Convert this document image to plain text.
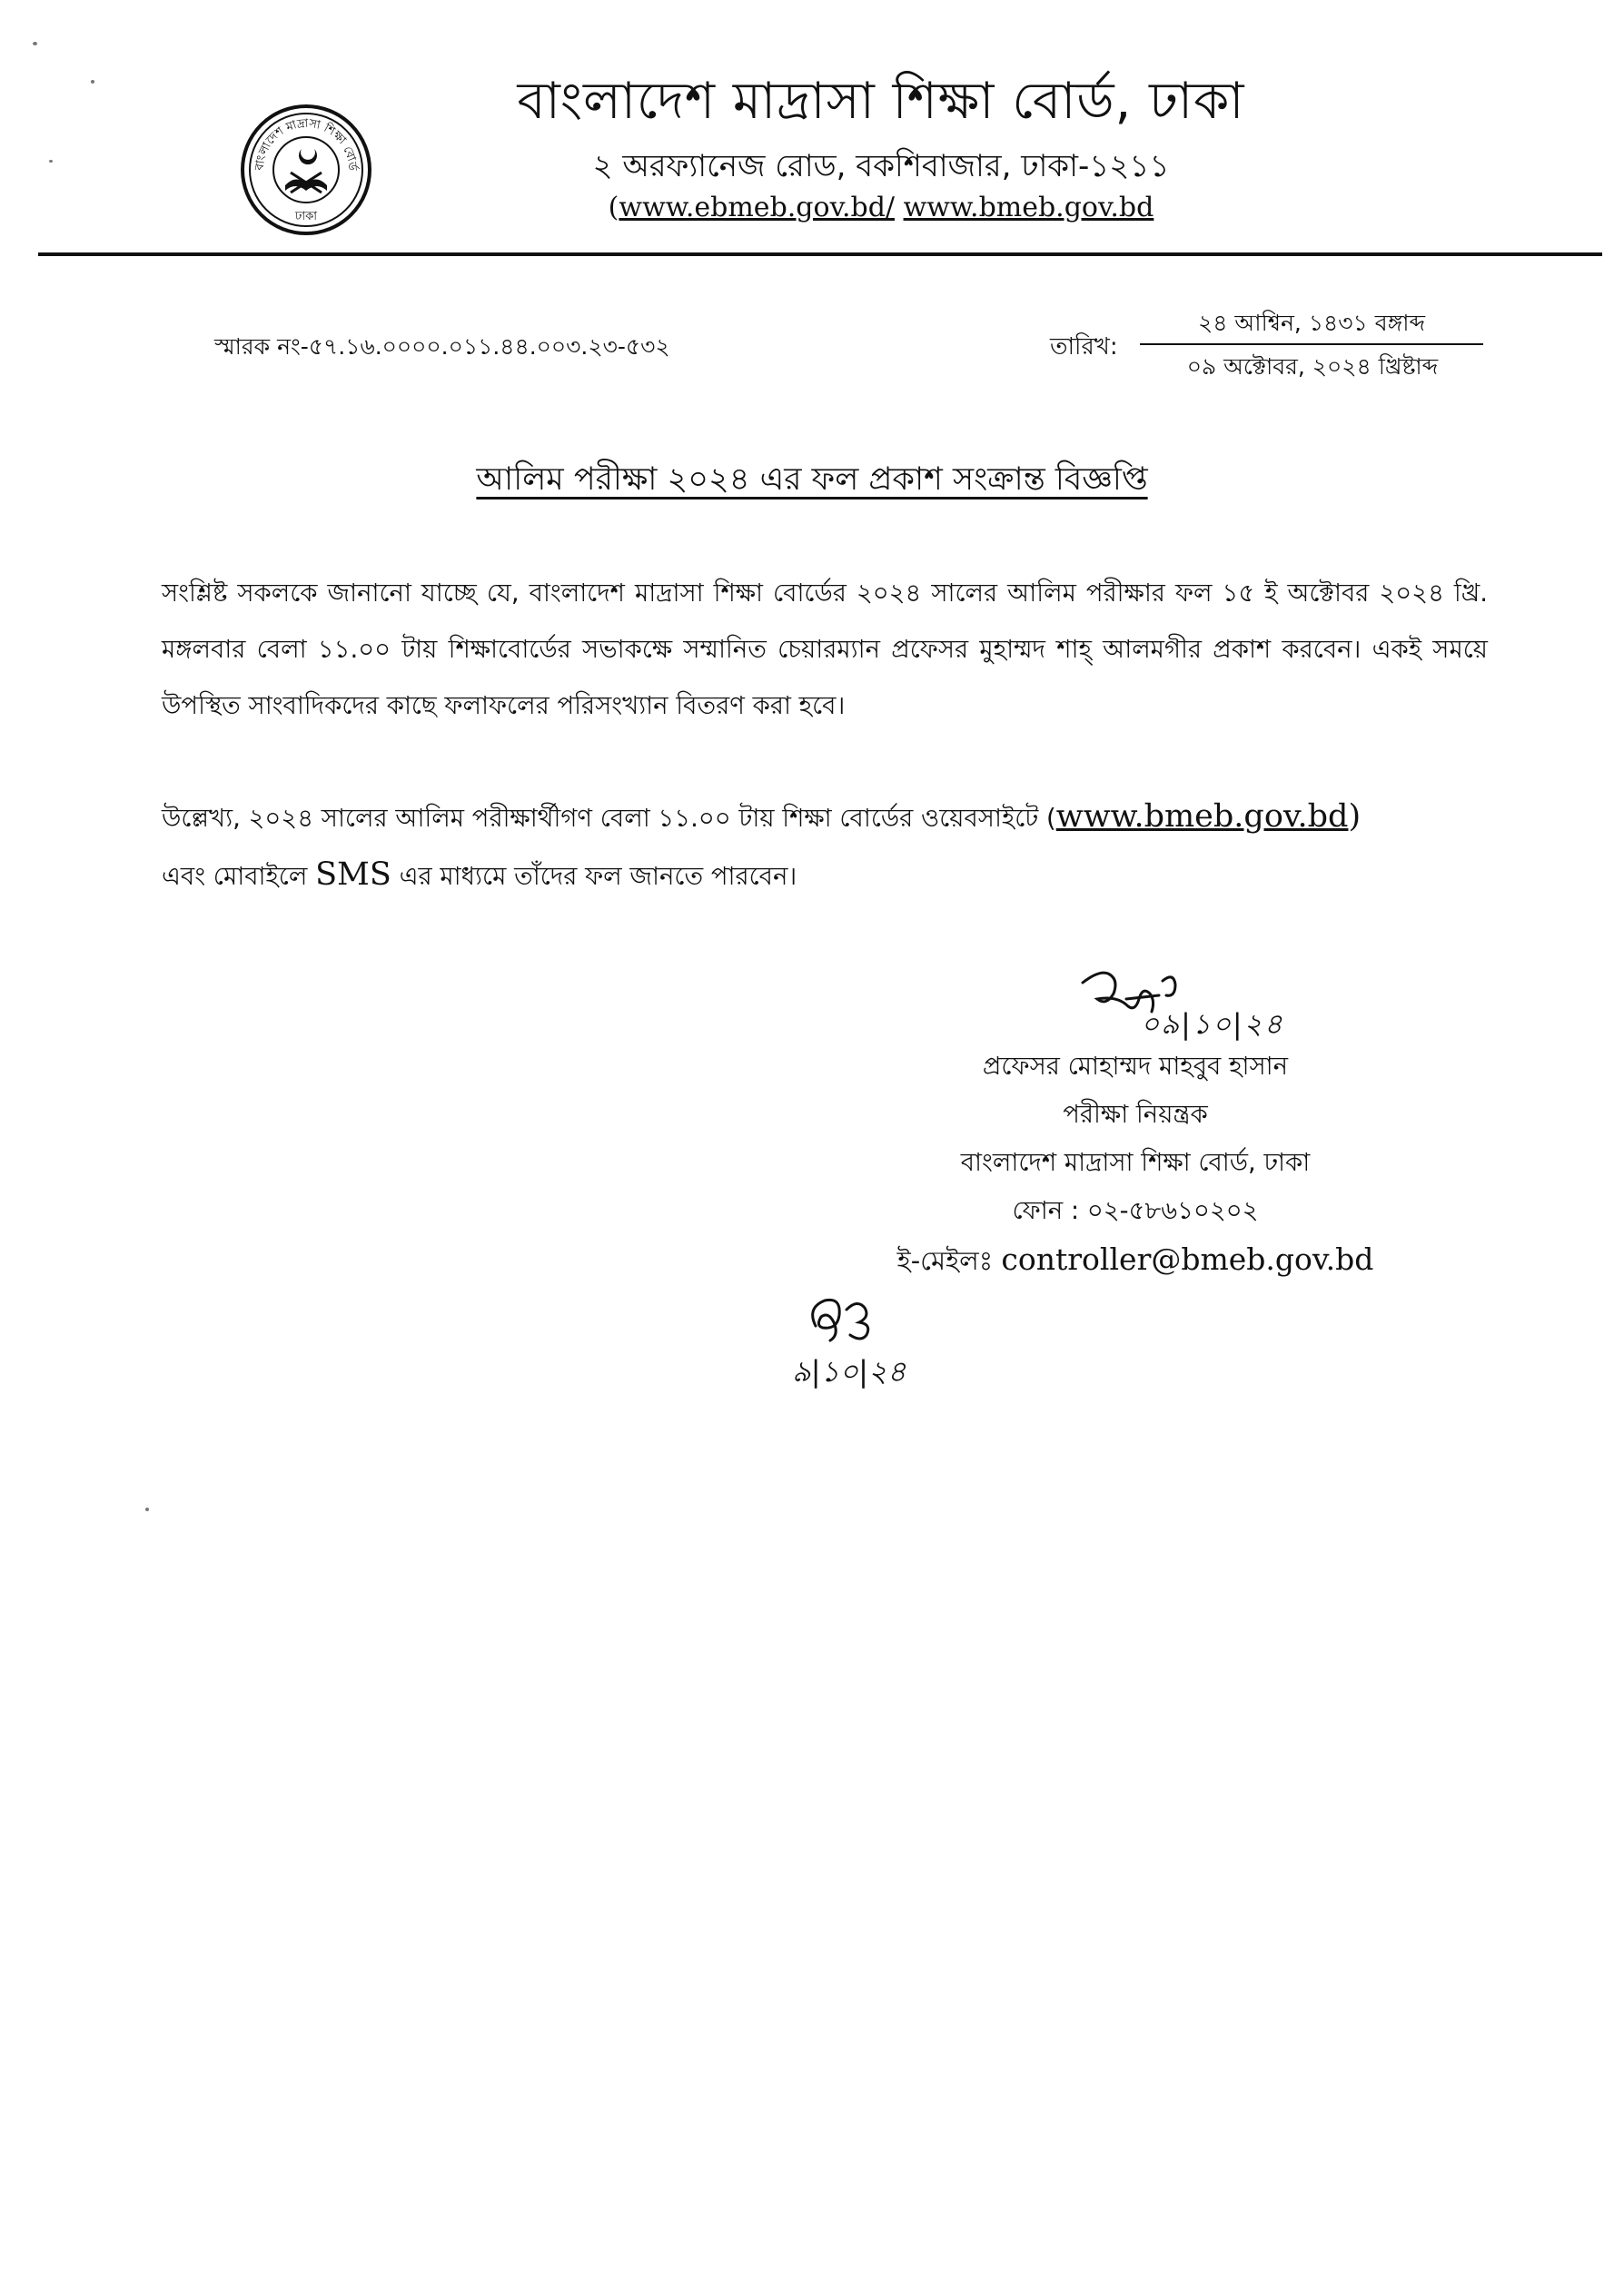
বাংলাদেশ মাদ্রাসা শিক্ষা বোর্ড
ঢাকা
বাংলাদেশ মাদ্রাসা শিক্ষা বোর্ড, ঢাকা
২ অরফ্যানেজ রোড, বকশিবাজার, ঢাকা-১২১১
(www.ebmeb.gov.bd/ www.bmeb.gov.bd
স্মারক নং-৫৭.১৬.০০০০.০১১.৪৪.০০৩.২৩-৫৩২	তারিখ:
২৪ আশ্বিন, ১৪৩১ বঙ্গাব্দ
০৯ অক্টোবর, ২০২৪ খ্রিষ্টাব্দ
আলিম পরীক্ষা ২০২৪ এর ফল প্রকাশ সংক্রান্ত বিজ্ঞপ্তি
সংশ্লিষ্ট সকলকে জানানো যাচ্ছে যে, বাংলাদেশ মাদ্রাসা শিক্ষা বোর্ডের ২০২৪ সালের আলিম পরীক্ষার ফল ১৫ ই অক্টোবর ২০২৪ খ্রি. মঙ্গলবার বেলা ১১.০০ টায় শিক্ষাবোর্ডের সভাকক্ষে সম্মানিত চেয়ারম্যান প্রফেসর মুহাম্মদ শাহ্ আলমগীর প্রকাশ করবেন। একই সময়ে উপস্থিত সাংবাদিকদের কাছে ফলাফলের পরিসংখ্যান বিতরণ করা হবে।
উল্লেখ্য, ২০২৪ সালের আলিম পরীক্ষার্থীগণ বেলা ১১.০০ টায় শিক্ষা বোর্ডের ওয়েবসাইটে (www.bmeb.gov.bd)
এবং মোবাইলে SMS এর মাধ্যমে তাঁদের ফল জানতে পারবেন।
০৯|১০|২৪
প্রফেসর মোহাম্মদ মাহবুব হাসান
পরীক্ষা নিয়ন্ত্রক
বাংলাদেশ মাদ্রাসা শিক্ষা বোর্ড, ঢাকা
ফোন : ০২-৫৮৬১০২০২
ই-মেইলঃ controller@bmeb.gov.bd
৯|১০|২৪
